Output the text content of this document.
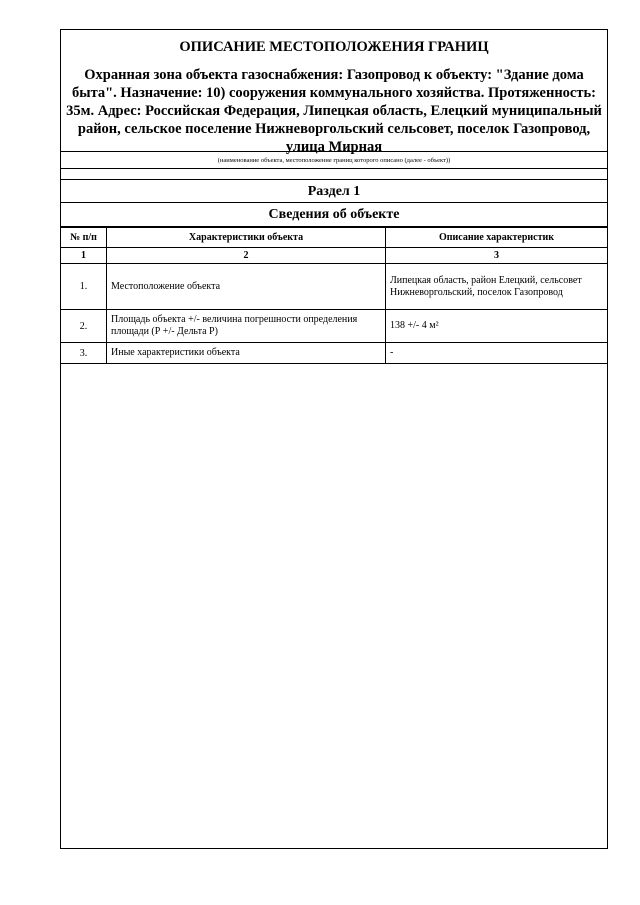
ОПИСАНИЕ МЕСТОПОЛОЖЕНИЯ ГРАНИЦ
Охранная зона объекта газоснабжения: Газопровод к объекту: "Здание дома быта". Назначение: 10) сооружения коммунального хозяйства. Протяженность: 35м. Адрес: Российская Федерация, Липецкая область, Елецкий муниципальный район, сельское поселение Нижневоргольский сельсовет, поселок Газопровод, улица Мирная
(наименование объекта, местоположение границ которого описано (далее - объект))
Раздел 1
Сведения об объекте
№ п/п	Характеристики объекта	Описание характеристик
1	2	3
1.	Местоположение объекта	Липецкая область, район Елецкий, сельсовет Нижневоргольский, поселок Газопровод
2.	Площадь объекта +/- величина погрешности определения площади (Р +/- Дельта Р)	138 +/- 4 м²
3.	Иные характеристики объекта	-
